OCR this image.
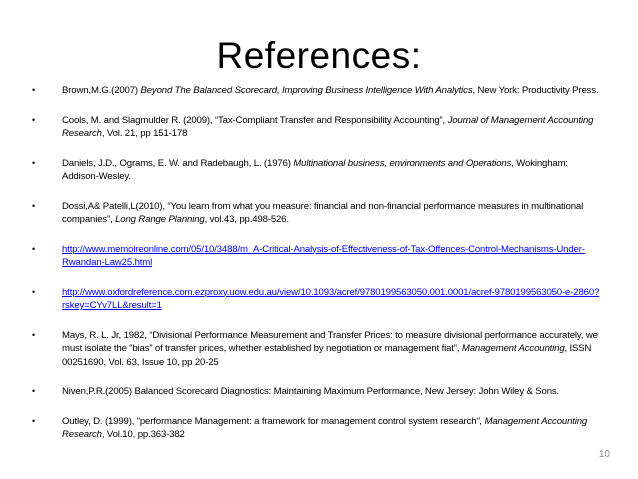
References:
•	Brown,M.G.(2007) Beyond The Balanced Scorecard, Improving Business Intelligence With Analytics, New York: Productivity Press.
•	Cools, M. and Slagmulder R. (2009), “Tax-Compliant Transfer and Responsibility Accounting”, Journal of Management Accounting Research, Vol. 21, pp 151-178
•	Daniels, J.D., Ograms, E. W. and Radebaugh, L. (1976) Multinational business, environments and Operations, Wokingham: Addison-Wesley.
•	Dossi,A& Patelli,L(2010), “You learn from what you measure: financial and non-financial performance measures in multinational companies”, Long Range Planning, vol.43, pp.498-526.
•	http://www.memoireonline.com/05/10/3488/m_A-Critical-Analysis-of-Effectiveness-of-Tax-Offences-Control-Mechanisms-Under-Rwandan-Law25.html
•	http://www.oxfordreference.com.ezproxy.uow.edu.au/view/10.1093/acref/9780199563050.001.0001/acref-9780199563050-e-2860?rskey=CYv7LL&result=1
•	Mays, R. L. Jr, 1982, “Divisional Performance Measurement and Transfer Prices: to measure divisional performance accurately, we must isolate the “bias” of transfer prices, whether established by negotiation or management fiat”, Management Accounting, ISSN 00251690, Vol. 63, Issue 10, pp 20-25
•	Niven,P.R.(2005) Balanced Scorecard Diagnostics: Maintaining Maximum Performance, New Jersey: John Wiley & Sons.
•	Outley, D. (1999), “performance Management: a framework for management control system research”, Management Accounting Research, Vol.10, pp.363-382
10
